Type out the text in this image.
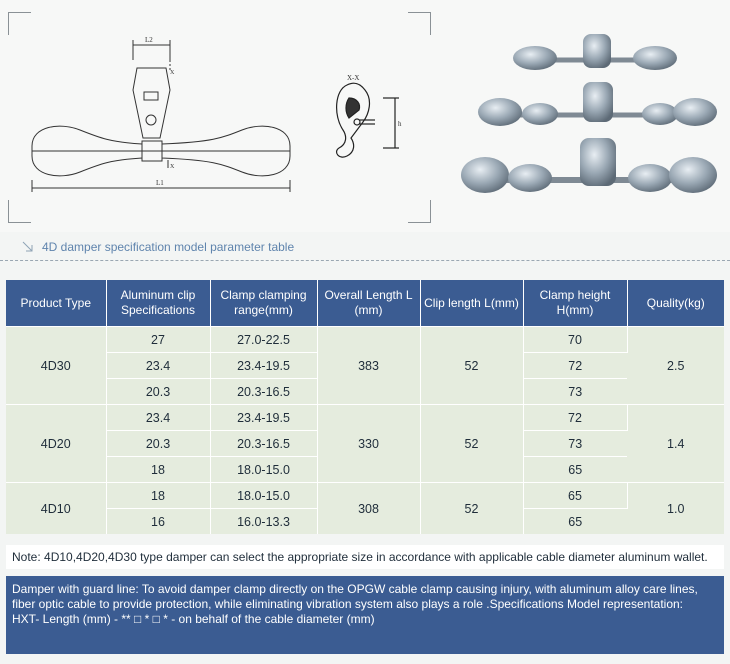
L2
L1
X
X
X-X
h
4D damper specification model parameter table
Product Type	Aluminum clip Specifications	Clamp clamping range(mm)	Overall Length L (mm)	Clip length L(mm)	Clamp height H(mm)	Quality(kg)
4D30	27	27.0-22.5	383	52	70	2.5
	23.4	23.4-19.5			72	
	20.3	20.3-16.5			73	
4D20	23.4	23.4-19.5	330	52	72	1.4
	20.3	20.3-16.5			73	
	18	18.0-15.0			65	
4D10	18	18.0-15.0	308	52	65	1.0
	16	16.0-13.3			65	
Note: 4D10,4D20,4D30 type damper can select the appropriate size in accordance with applicable cable diameter aluminum wallet.
Damper with guard line: To avoid damper clamp directly on the OPGW cable clamp causing injury, with aluminum alloy care lines,
fiber optic cable to provide protection, while eliminating vibration system also plays a role .Specifications Model representation:
HXT- Length (mm) - ** □ * □ * - on behalf of the cable diameter (mm)
